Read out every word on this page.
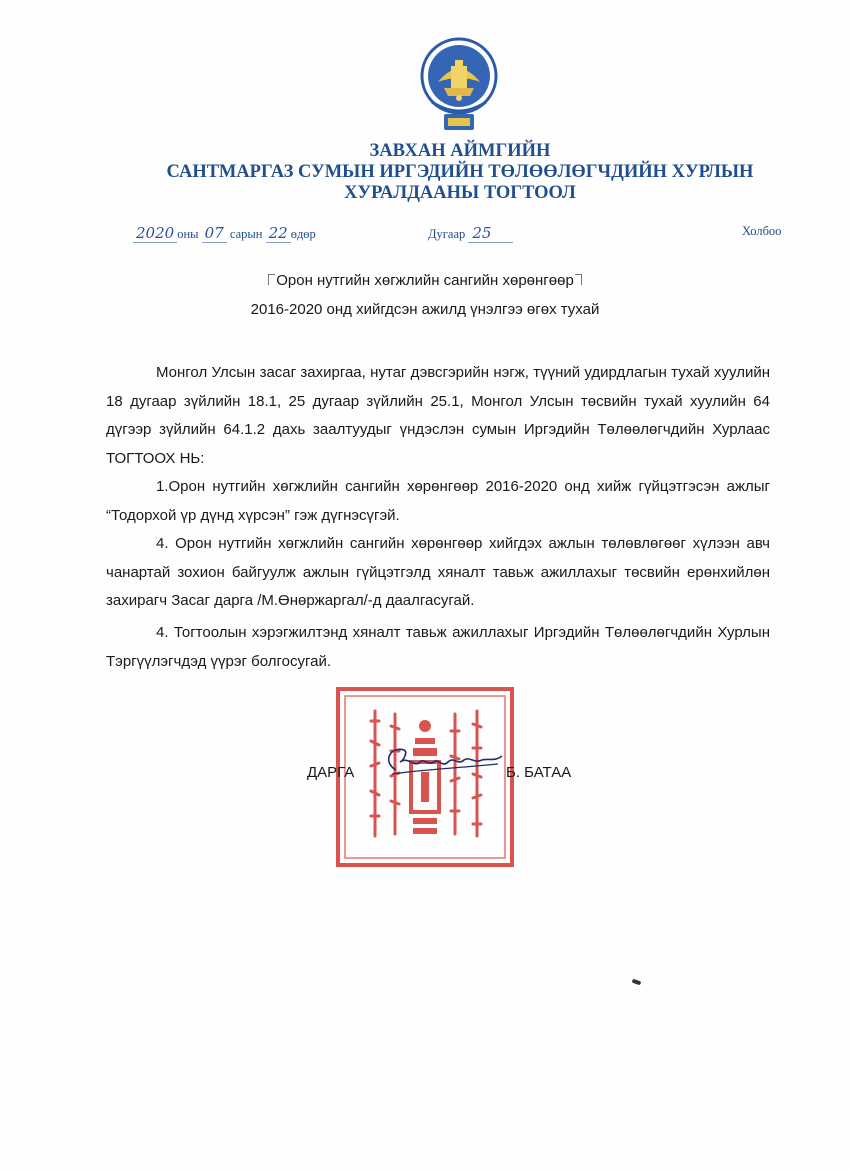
ЗАВХАН АЙМГИЙН
САНТМАРГАЗ СУМЫН ИРГЭДИЙН ТӨЛӨӨЛӨГЧДИЙН ХУРЛЫН
ХУРАЛДААНЫ ТОГТООЛ
2020 оны 07 сарын 22 өдөр	Дугаар 25	Холбоо
Орон нутгийн хөгжлийн сангийн хөрөнгөөр
2016-2020 онд хийгдсэн ажилд үнэлгээ өгөх тухай

Монгол Улсын засаг захиргаа, нутаг дэвсгэрийн нэгж, түүний удирдлагын тухай хуулийн 18 дугаар зүйлийн 18.1, 25 дугаар зүйлийн 25.1, Монгол Улсын төсвийн тухай хуулийн 64 дүгээр зүйлийн 64.1.2 дахь заалтуудыг үндэслэн сумын Иргэдийн Төлөөлөгчдийн Хурлаас ТОГТООХ НЬ:

1.Орон нутгийн хөгжлийн сангийн хөрөнгөөр 2016-2020 онд хийж гүйцэтгэсэн ажлыг “Тодорхой үр дүнд хүрсэн” гэж дүгнэсүгэй.

4. Орон нутгийн хөгжлийн сангийн хөрөнгөөр хийгдэх ажлын төлөвлөгөөг хүлээн авч чанартай зохион байгуулж ажлын гүйцэтгэлд хяналт тавьж ажиллахыг төсвийн ерөнхийлөн захирагч Засаг дарга /М.Өнөржаргал/-д даалгасугай.

4. Тогтоолын хэрэгжилтэнд хяналт тавьж ажиллахыг Иргэдийн Төлөөлөгчдийн Хурлын Тэргүүлэгчдэд үүрэг болгосугай.

ДАРГА	Б. БАТАА
